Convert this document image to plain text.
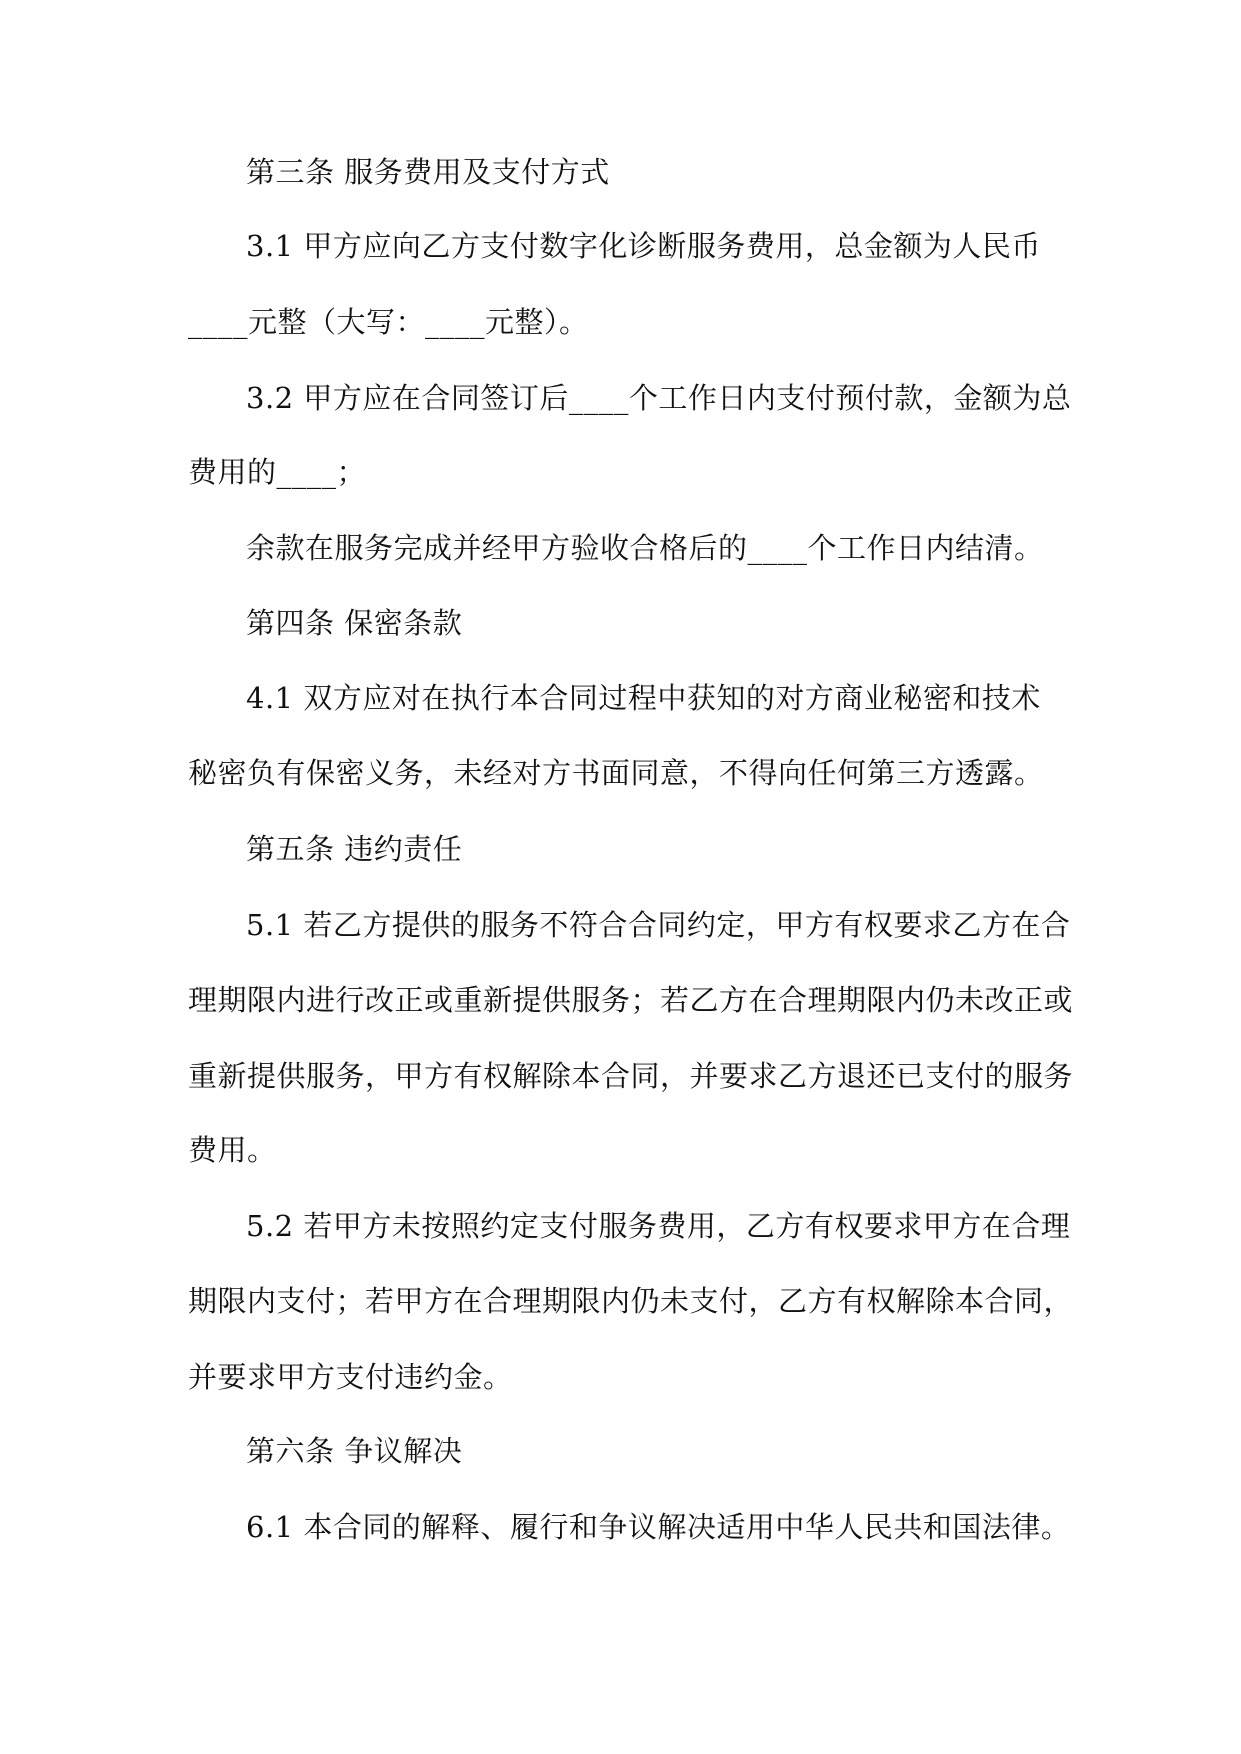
第三条 服务费用及支付方式
3.1 甲方应向乙方支付数字化诊断服务费用，总金额为人民币
____元整（大写：____元整）。
3.2 甲方应在合同签订后____个工作日内支付预付款，金额为总
费用的____；
余款在服务完成并经甲方验收合格后的____个工作日内结清。
第四条 保密条款
4.1 双方应对在执行本合同过程中获知的对方商业秘密和技术
秘密负有保密义务，未经对方书面同意，不得向任何第三方透露。
第五条 违约责任
5.1 若乙方提供的服务不符合合同约定，甲方有权要求乙方在合
理期限内进行改正或重新提供服务；若乙方在合理期限内仍未改正或
重新提供服务，甲方有权解除本合同，并要求乙方退还已支付的服务
费用。
5.2 若甲方未按照约定支付服务费用，乙方有权要求甲方在合理
期限内支付；若甲方在合理期限内仍未支付，乙方有权解除本合同，
并要求甲方支付违约金。
第六条 争议解决
6.1 本合同的解释、履行和争议解决适用中华人民共和国法律。
